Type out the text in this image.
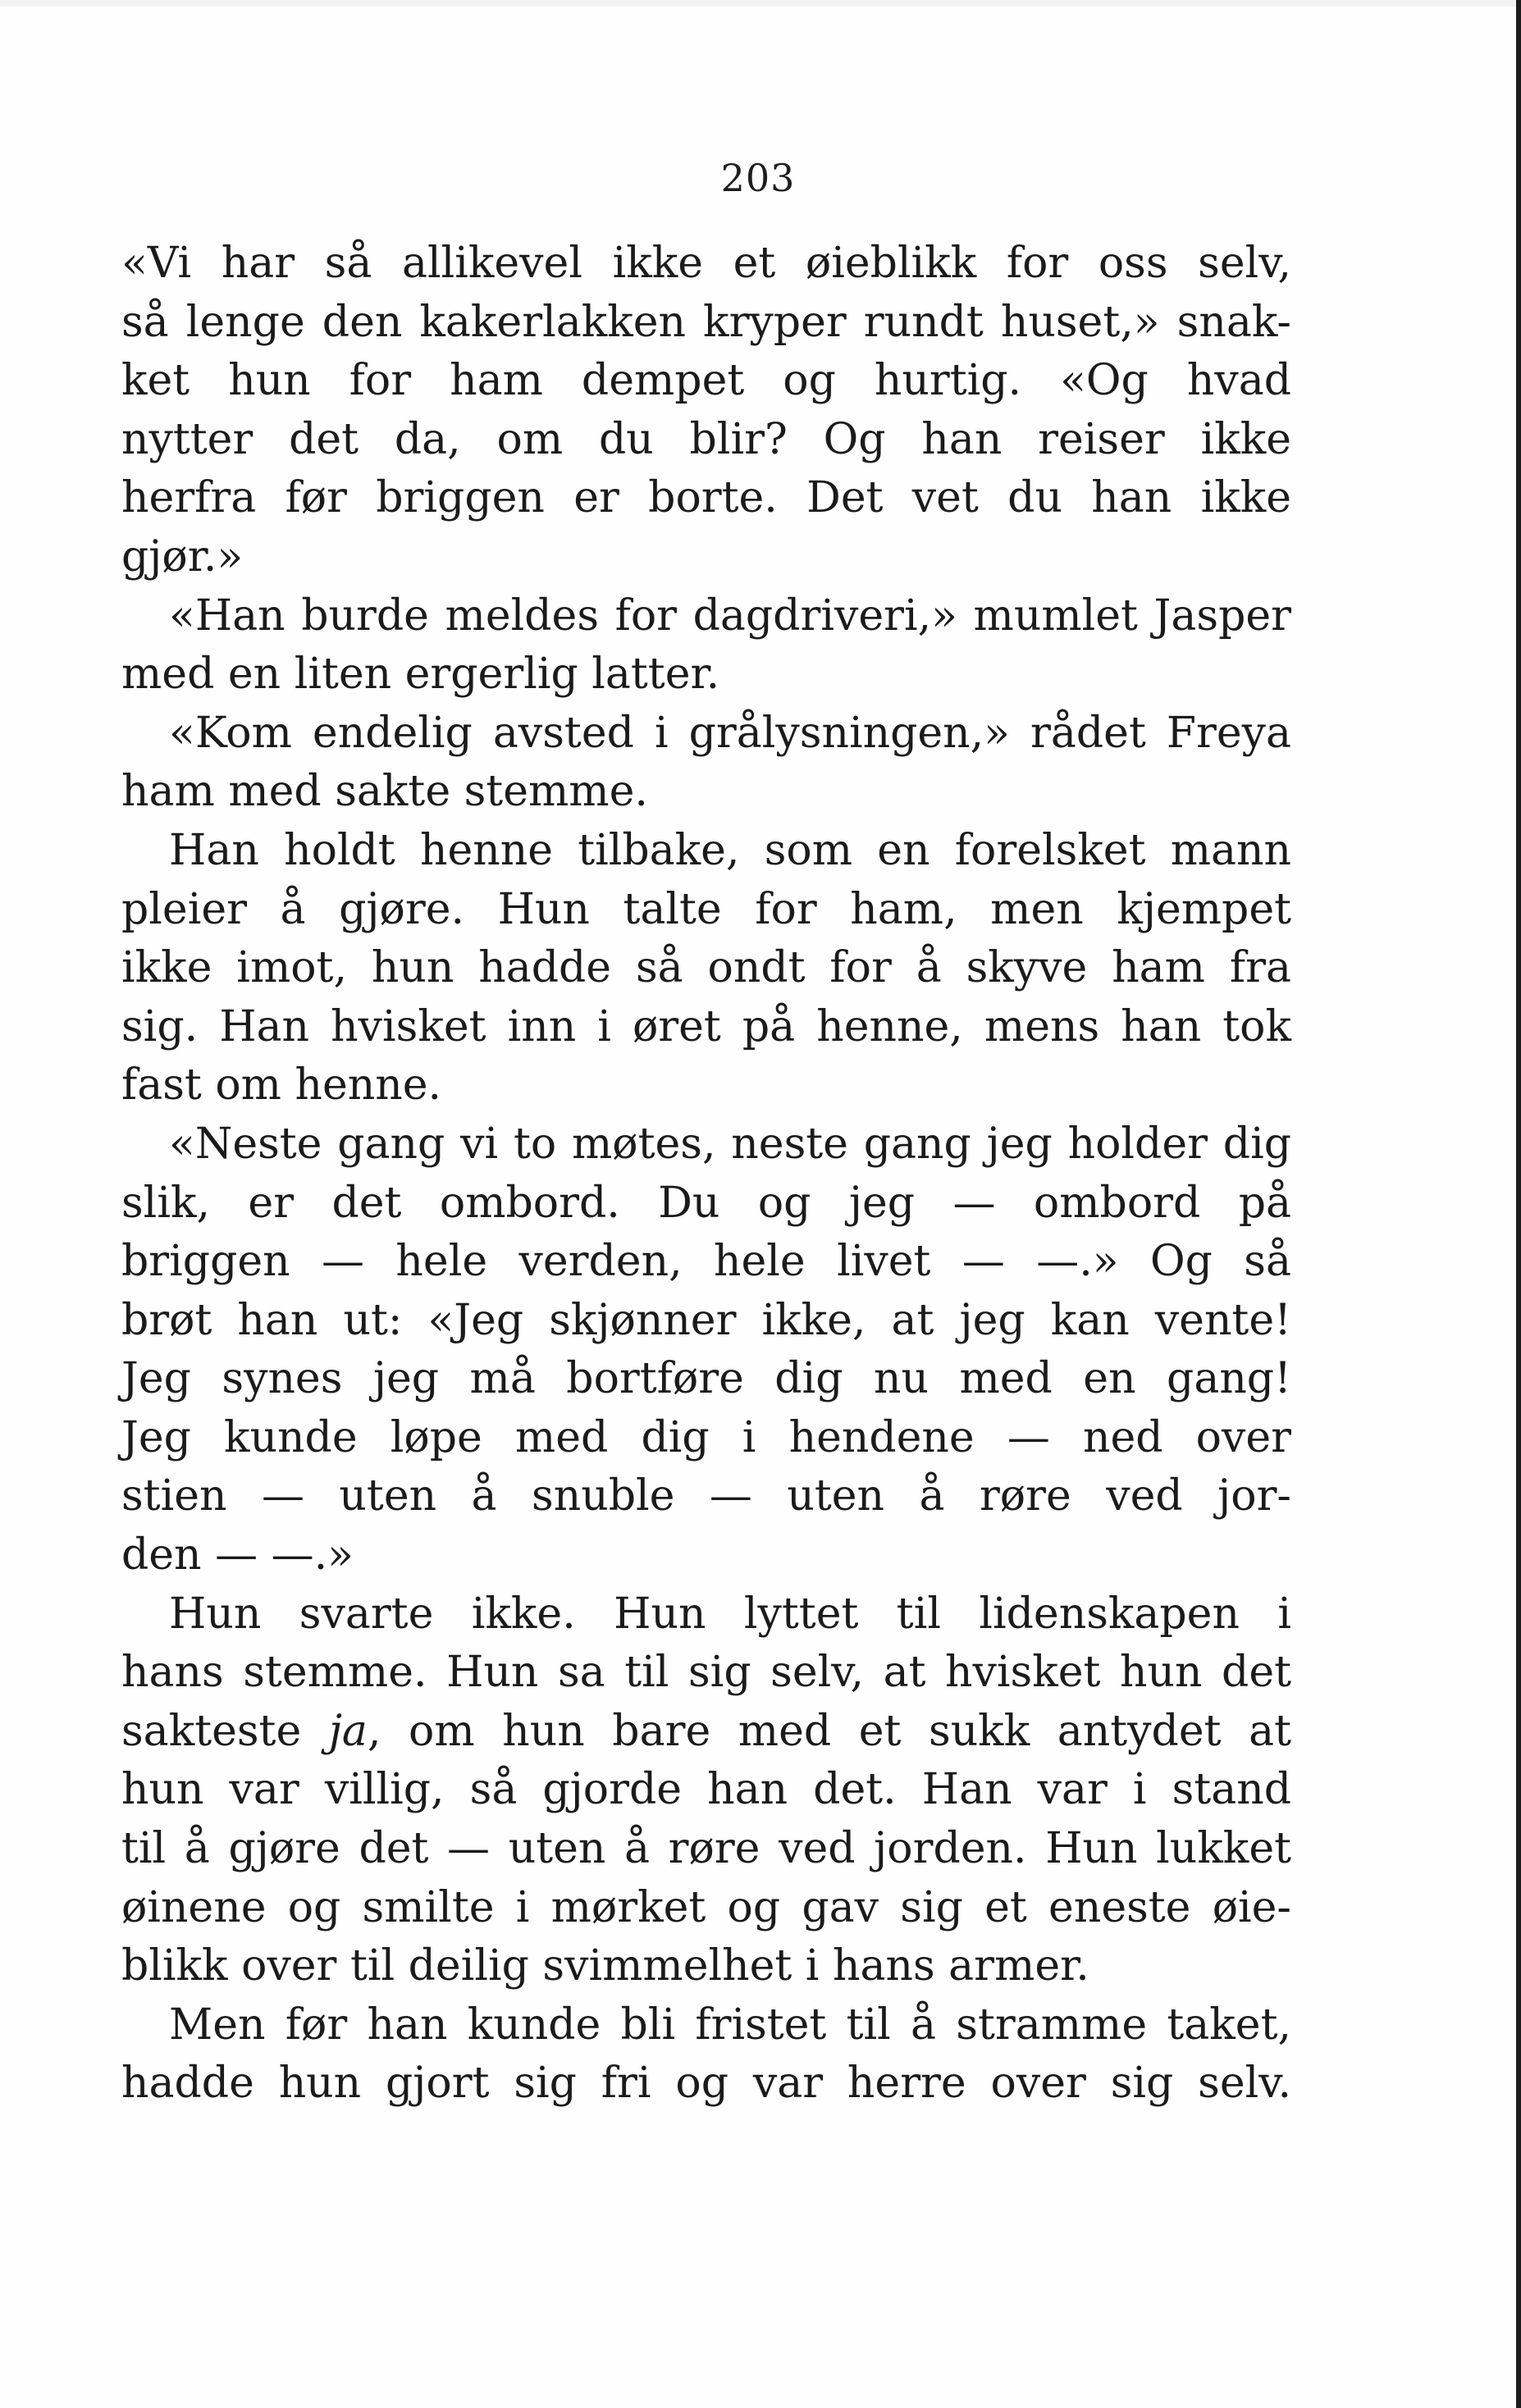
203
«Vi har så allikevel ikke et øieblikk for oss selv,
så lenge den kakerlakken kryper rundt huset,» snak-
ket hun for ham dempet og hurtig. «Og hvad
nytter det da, om du blir? Og han reiser ikke
herfra før briggen er borte. Det vet du han ikke
gjør.»
«Han burde meldes for dagdriveri,» mumlet Jasper
med en liten ergerlig latter.
«Kom endelig avsted i grålysningen,» rådet Freya
ham med sakte stemme.
Han holdt henne tilbake, som en forelsket mann
pleier å gjøre. Hun talte for ham, men kjempet
ikke imot, hun hadde så ondt for å skyve ham fra
sig. Han hvisket inn i øret på henne, mens han tok
fast om henne.
«Neste gang vi to møtes, neste gang jeg holder dig
slik, er det ombord. Du og jeg — ombord på
briggen — hele verden, hele livet — —.» Og så
brøt han ut: «Jeg skjønner ikke, at jeg kan vente!
Jeg synes jeg må bortføre dig nu med en gang!
Jeg kunde løpe med dig i hendene — ned over
stien — uten å snuble — uten å røre ved jor-
den — —.»
Hun svarte ikke. Hun lyttet til lidenskapen i
hans stemme. Hun sa til sig selv, at hvisket hun det
sakteste ja, om hun bare med et sukk antydet at
hun var villig, så gjorde han det. Han var i stand
til å gjøre det — uten å røre ved jorden. Hun lukket
øinene og smilte i mørket og gav sig et eneste øie-
blikk over til deilig svimmelhet i hans armer.
Men før han kunde bli fristet til å stramme taket,
hadde hun gjort sig fri og var herre over sig selv.
